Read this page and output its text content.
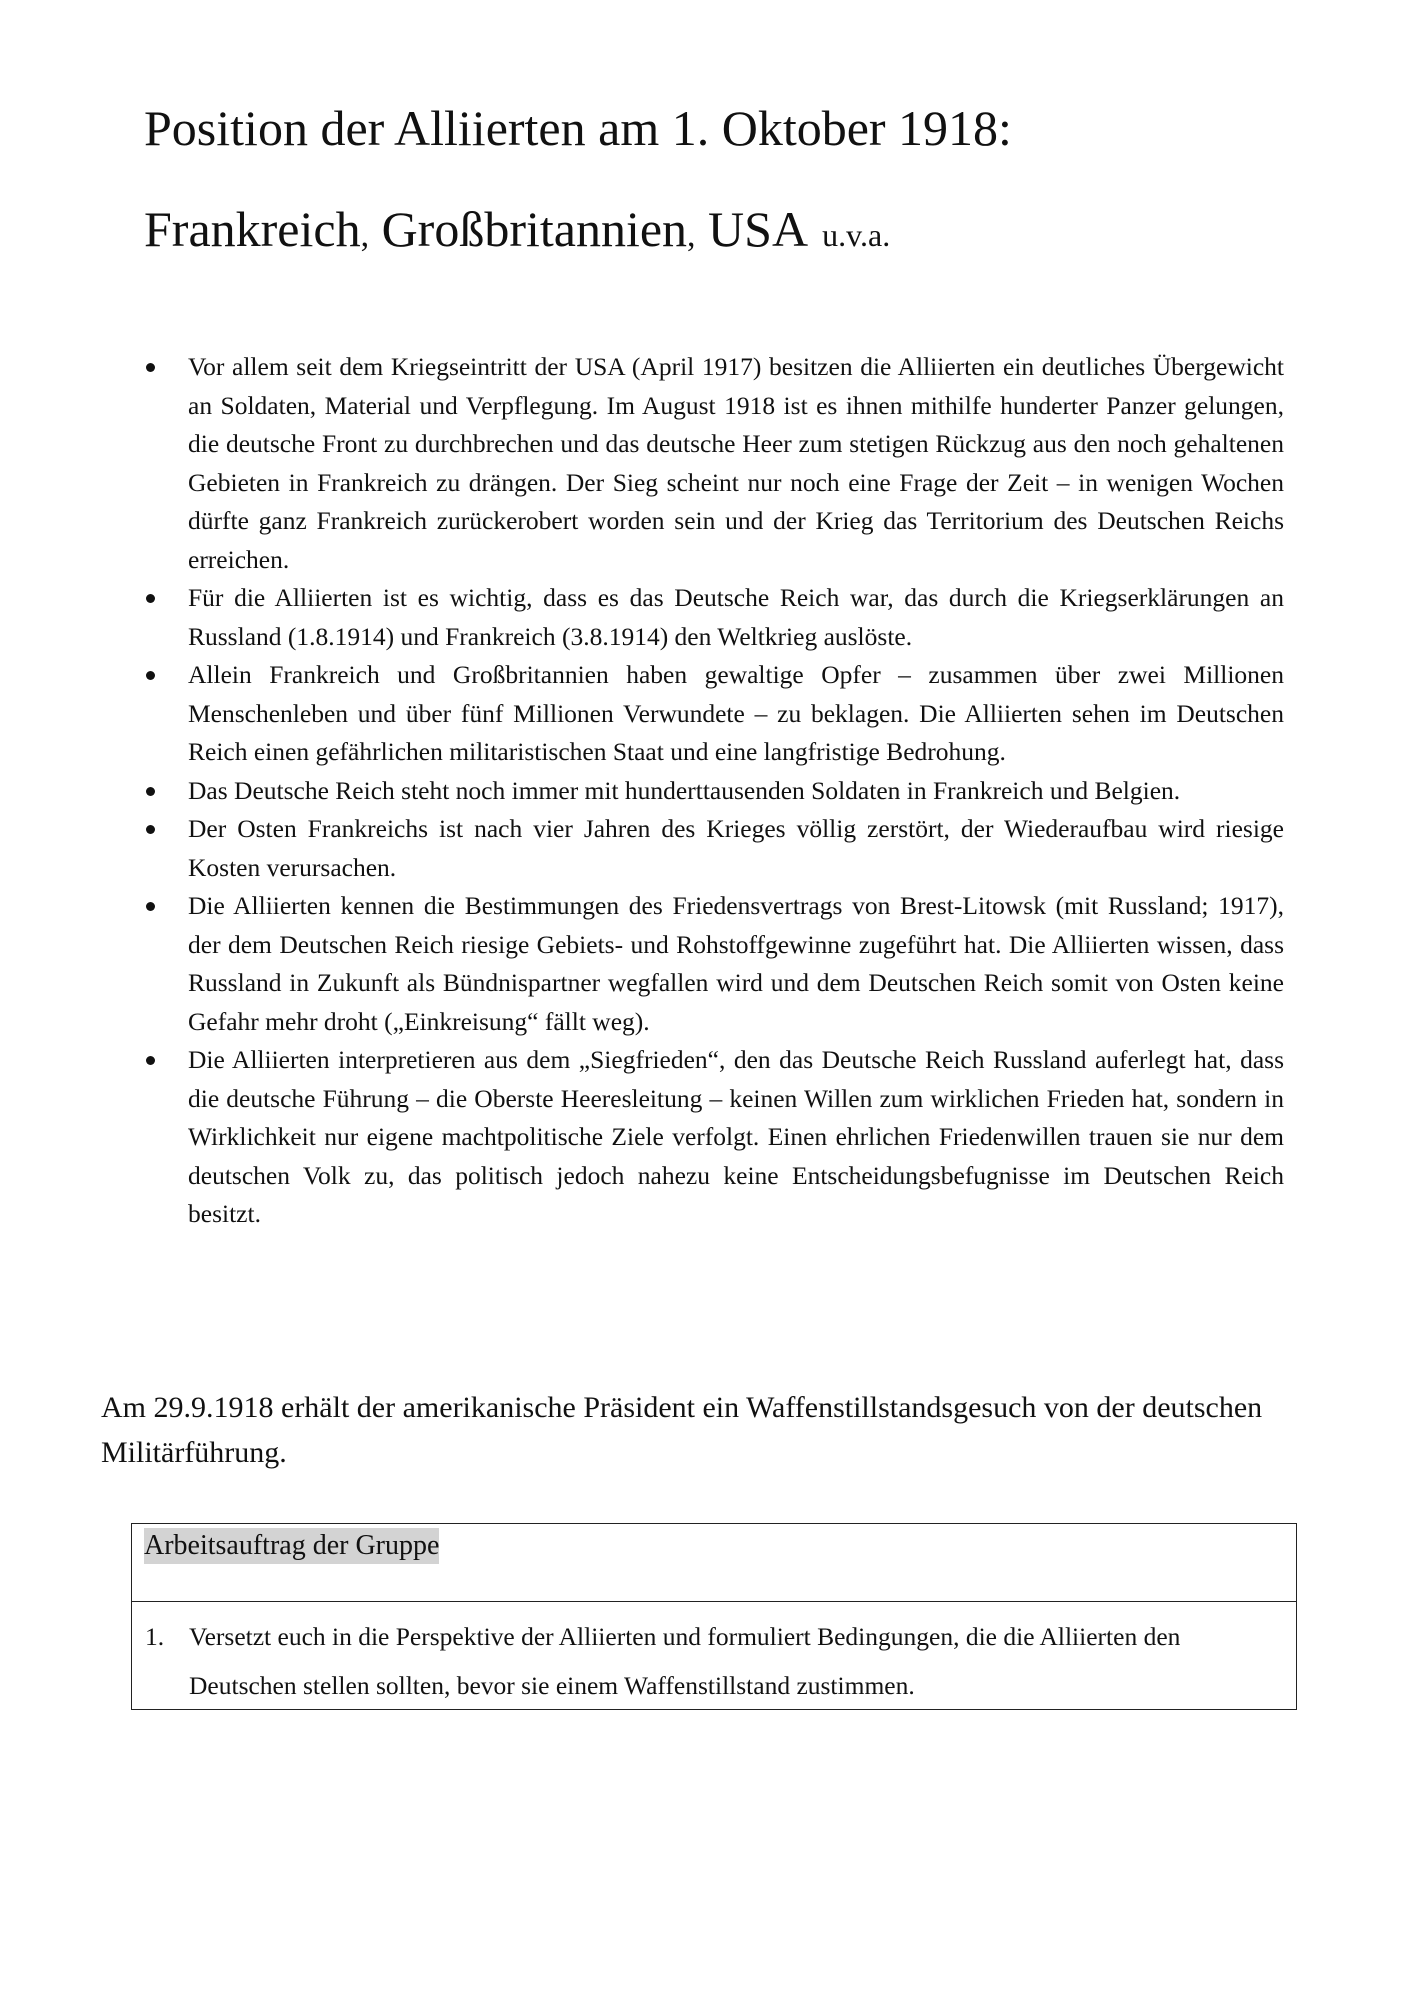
Position der Alliierten am 1. Oktober 1918:
Frankreich, Großbritannien, USA u.v.a.
Vor allem seit dem Kriegseintritt der USA (April 1917) besitzen die Alliierten ein deutliches Übergewicht an Soldaten, Material und Verpflegung. Im August 1918 ist es ihnen mithilfe hunderter Panzer gelungen, die deutsche Front zu durchbrechen und das deutsche Heer zum stetigen Rückzug aus den noch gehaltenen Gebieten in Frankreich zu drängen. Der Sieg scheint nur noch eine Frage der Zeit – in wenigen Wochen dürfte ganz Frankreich zurückerobert worden sein und der Krieg das Territorium des Deutschen Reichs erreichen.
Für die Alliierten ist es wichtig, dass es das Deutsche Reich war, das durch die Kriegserklärungen an Russland (1.8.1914) und Frankreich (3.8.1914) den Weltkrieg auslöste.
Allein Frankreich und Großbritannien haben gewaltige Opfer – zusammen über zwei Millionen Menschenleben und über fünf Millionen Verwundete – zu beklagen. Die Alliierten sehen im Deutschen Reich einen gefährlichen militaristischen Staat und eine langfristige Bedrohung.
Das Deutsche Reich steht noch immer mit hunderttausenden Soldaten in Frankreich und Belgien.
Der Osten Frankreichs ist nach vier Jahren des Krieges völlig zerstört, der Wiederaufbau wird riesige Kosten verursachen.
Die Alliierten kennen die Bestimmungen des Friedensvertrags von Brest-Litowsk (mit Russland; 1917), der dem Deutschen Reich riesige Gebiets- und Rohstoffgewinne zugeführt hat. Die Alliierten wissen, dass Russland in Zukunft als Bündnispartner wegfallen wird und dem Deutschen Reich somit von Osten keine Gefahr mehr droht („Einkreisung“ fällt weg).
Die Alliierten interpretieren aus dem „Siegfrieden“, den das Deutsche Reich Russland auferlegt hat, dass die deutsche Führung – die Oberste Heeresleitung – keinen Willen zum wirklichen Frieden hat, sondern in Wirklichkeit nur eigene machtpolitische Ziele verfolgt. Einen ehrlichen Friedenwillen trauen sie nur dem deutschen Volk zu, das politisch jedoch nahezu keine Entscheidungsbefugnisse im Deutschen Reich besitzt.

Am 29.9.1918 erhält der amerikanische Präsident ein Waffenstillstandsgesuch von der deutschen Militärführung.

Arbeitsauftrag der Gruppe
1. Versetzt euch in die Perspektive der Alliierten und formuliert Bedingungen, die die Alliierten den Deutschen stellen sollten, bevor sie einem Waffenstillstand zustimmen.
